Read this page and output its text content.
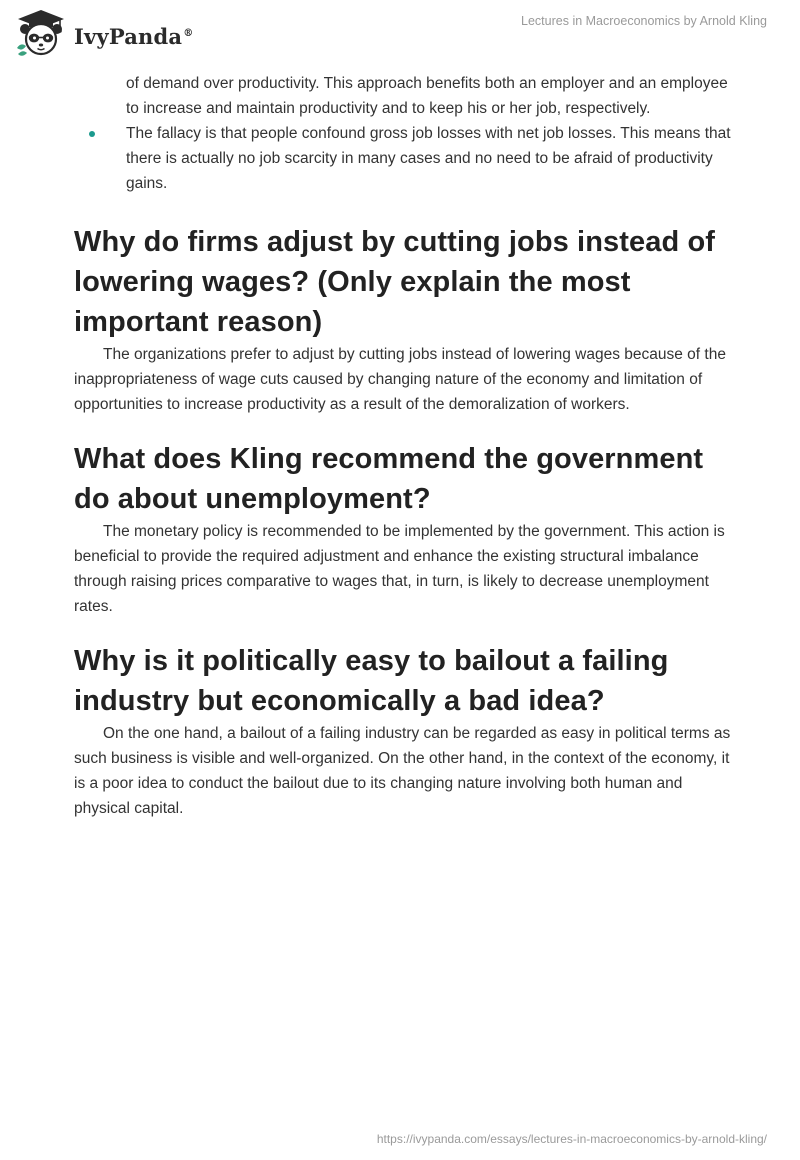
IvyPanda®
Lectures in Macroeconomics by Arnold Kling

of demand over productivity. This approach benefits both an employer and an employee to increase and maintain productivity and to keep his or her job, respectively.

The fallacy is that people confound gross job losses with net job losses. This means that there is actually no job scarcity in many cases and no need to be afraid of productivity gains.
Why do firms adjust by cutting jobs instead of lowering wages? (Only explain the most important reason)

The organizations prefer to adjust by cutting jobs instead of lowering wages because of the inappropriateness of wage cuts caused by changing nature of the economy and limitation of opportunities to increase productivity as a result of the demoralization of workers.

What does Kling recommend the government do about unemployment?

The monetary policy is recommended to be implemented by the government. This action is beneficial to provide the required adjustment and enhance the existing structural imbalance through raising prices comparative to wages that, in turn, is likely to decrease unemployment rates.

Why is it politically easy to bailout a failing industry but economically a bad idea?

On the one hand, a bailout of a failing industry can be regarded as easy in political terms as such business is visible and well-organized. On the other hand, in the context of the economy, it is a poor idea to conduct the bailout due to its changing nature involving both human and physical capital.

https://ivypanda.com/essays/lectures-in-macroeconomics-by-arnold-kling/
